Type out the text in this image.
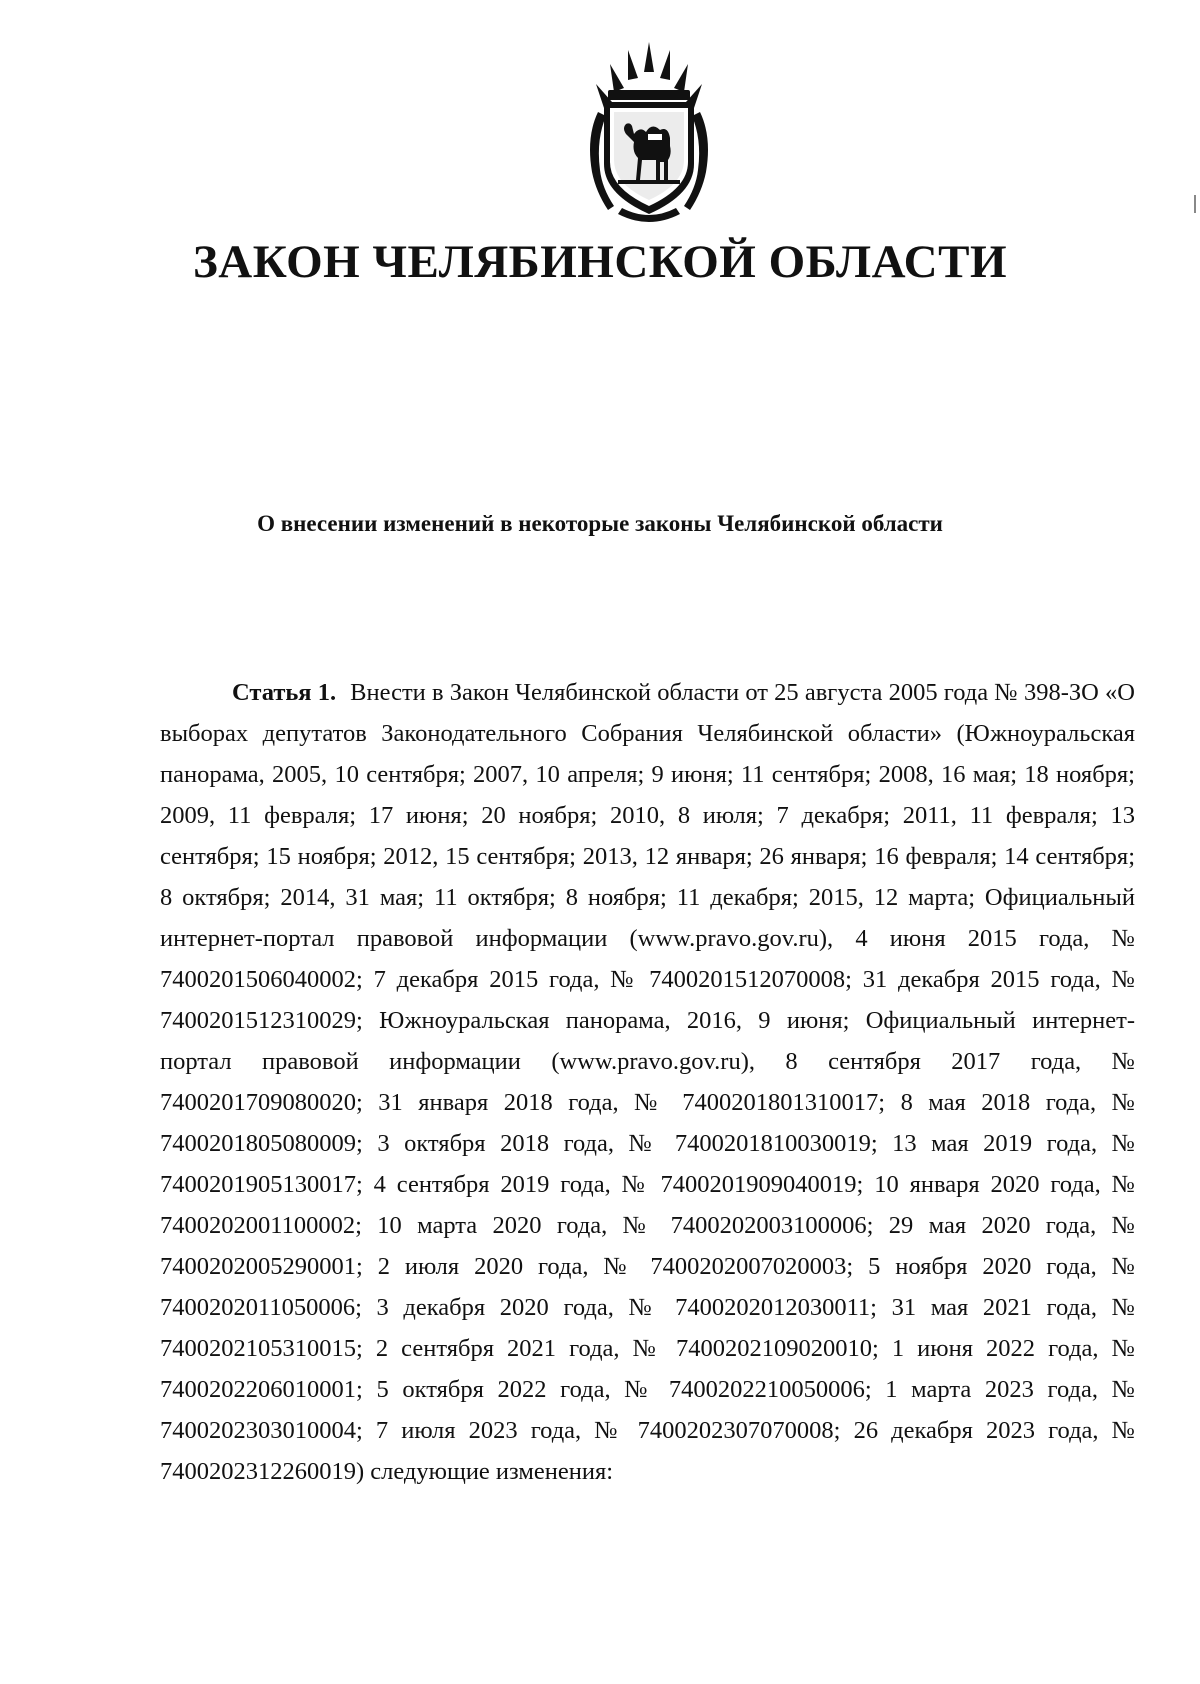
ЗАКОН ЧЕЛЯБИНСКОЙ ОБЛАСТИ
О внесении изменений в некоторые законы Челябинской области
Статья 1. Внести в Закон Челябинской области от 25 августа 2005 года № 398-ЗО «О выборах депутатов Законодательного Собрания Челябинской области» (Южноуральская панорама, 2005, 10 сентября; 2007, 10 апреля; 9 июня; 11 сентября; 2008, 16 мая; 18 ноября; 2009, 11 февраля; 17 июня; 20 ноября; 2010, 8 июля; 7 декабря; 2011, 11 февраля; 13 сентября; 15 ноября; 2012, 15 сентября; 2013, 12 января; 26 января; 16 февраля; 14 сентября; 8 октября; 2014, 31 мая; 11 октября; 8 ноября; 11 декабря; 2015, 12 марта; Официальный интернет-портал правовой информации (www.pravo.gov.ru), 4 июня 2015 года, № 7400201506040002; 7 декабря 2015 года, № 7400201512070008; 31 декабря 2015 года, № 7400201512310029; Южноуральская панорама, 2016, 9 июня; Официальный интернет-портал правовой информации (www.pravo.gov.ru), 8 сентября 2017 года, № 7400201709080020; 31 января 2018 года, № 7400201801310017; 8 мая 2018 года, № 7400201805080009; 3 октября 2018 года, № 7400201810030019; 13 мая 2019 года, № 7400201905130017; 4 сентября 2019 года, № 7400201909040019; 10 января 2020 года, № 7400202001100002; 10 марта 2020 года, № 7400202003100006; 29 мая 2020 года, № 7400202005290001; 2 июля 2020 года, № 7400202007020003; 5 ноября 2020 года, № 7400202011050006; 3 декабря 2020 года, № 7400202012030011; 31 мая 2021 года, № 7400202105310015; 2 сентября 2021 года, № 7400202109020010; 1 июня 2022 года, № 7400202206010001; 5 октября 2022 года, № 7400202210050006; 1 марта 2023 года, № 7400202303010004; 7 июля 2023 года, № 7400202307070008; 26 декабря 2023 года, № 7400202312260019) следующие изменения:
